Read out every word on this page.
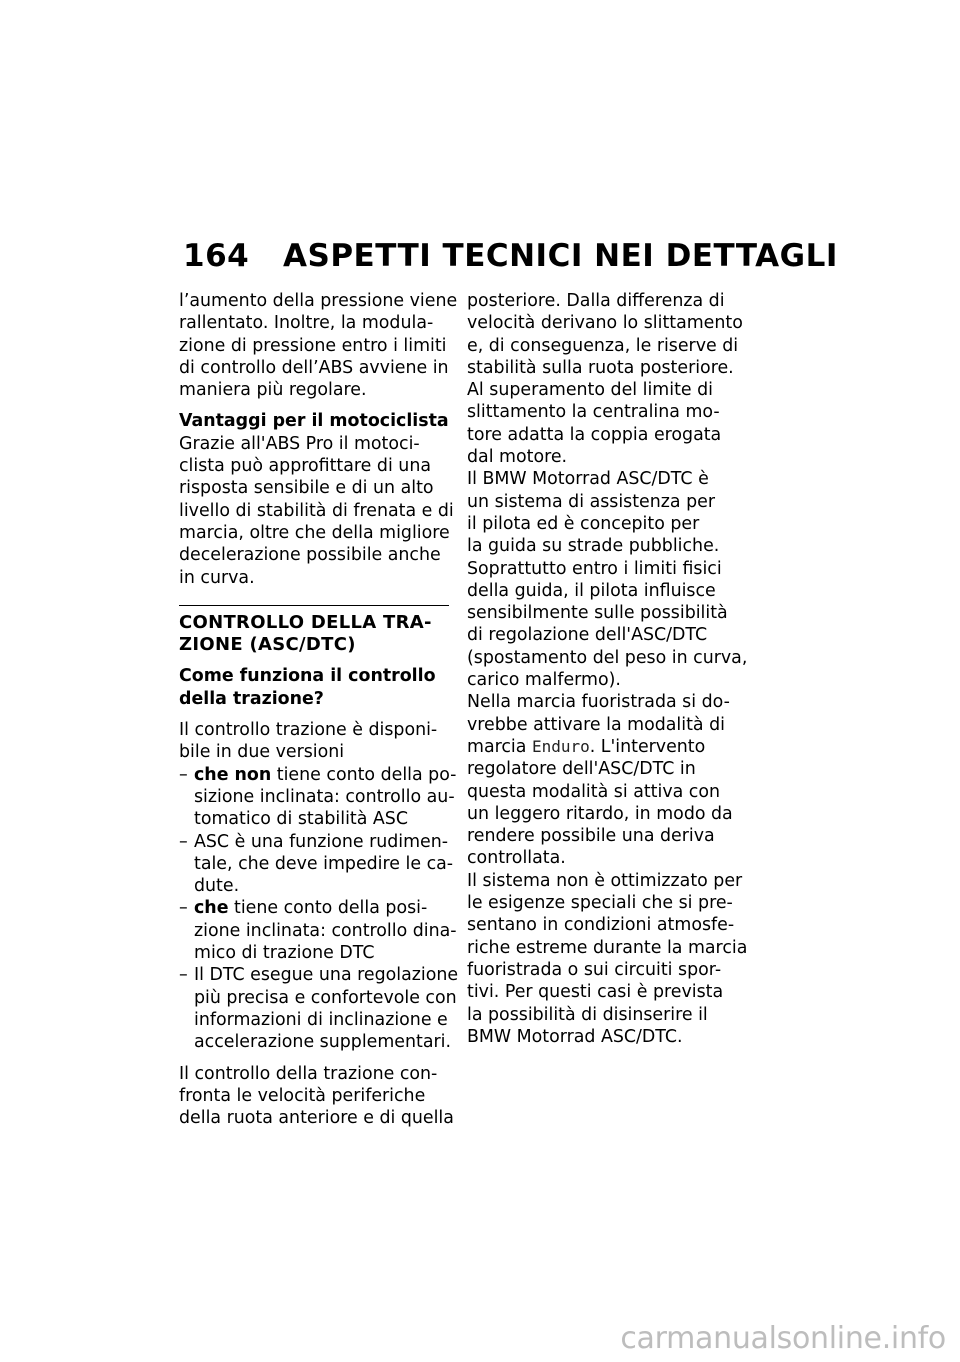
164 ASPETTI TECNICI NEI DETTAGLI
l’aumento della pressione viene
rallentato. Inoltre, la modula-
zione di pressione entro i limiti
di controllo dell’ABS avviene in
maniera più regolare.
Vantaggi per il motociclista
Grazie all'ABS Pro il motoci-
clista può approfittare di una
risposta sensibile e di un alto
livello di stabilità di frenata e di
marcia, oltre che della migliore
decelerazione possibile anche
in curva.
CONTROLLO DELLA TRA-
ZIONE (ASC/DTC)
Come funziona il controllo
della trazione?
Il controllo trazione è disponi-
bile in due versioni
– che non tiene conto della po-
sizione inclinata: controllo au-
tomatico di stabilità ASC
– ASC è una funzione rudimen-
tale, che deve impedire le ca-
dute.
– che tiene conto della posi-
zione inclinata: controllo dina-
mico di trazione DTC
– Il DTC esegue una regolazione
più precisa e confortevole con
informazioni di inclinazione e
accelerazione supplementari.
Il controllo della trazione con-
fronta le velocità periferiche
della ruota anteriore e di quella
posteriore. Dalla differenza di
velocità derivano lo slittamento
e, di conseguenza, le riserve di
stabilità sulla ruota posteriore.
Al superamento del limite di
slittamento la centralina mo-
tore adatta la coppia erogata
dal motore.
Il BMW Motorrad ASC/DTC è
un sistema di assistenza per
il pilota ed è concepito per
la guida su strade pubbliche.
Soprattutto entro i limiti fisici
della guida, il pilota influisce
sensibilmente sulle possibilità
di regolazione dell'ASC/DTC
(spostamento del peso in curva,
carico malfermo).
Nella marcia fuoristrada si do-
vrebbe attivare la modalità di
marcia Enduro. L'intervento
regolatore dell'ASC/DTC in
questa modalità si attiva con
un leggero ritardo, in modo da
rendere possibile una deriva
controllata.
Il sistema non è ottimizzato per
le esigenze speciali che si pre-
sentano in condizioni atmosfe-
riche estreme durante la marcia
fuoristrada o sui circuiti spor-
tivi. Per questi casi è prevista
la possibilità di disinserire il
BMW Motorrad ASC/DTC.
carmanualsonline.info
